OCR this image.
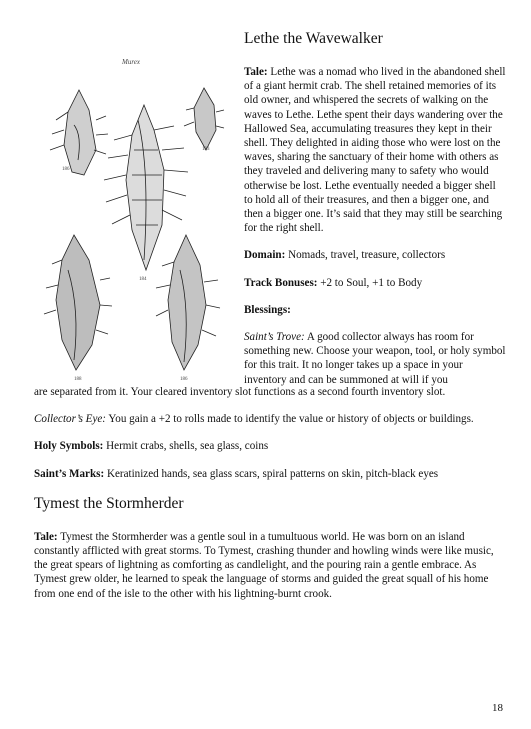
Murex
186
183
184
188	186
Lethe the Wavewalker

Tale: Lethe was a nomad who lived in the abandoned shell of a giant hermit crab. The shell retained memories of its old owner, and whispered the secrets of walking on the waves to Lethe. Lethe spent their days wandering over the Hallowed Sea, accumulating treasures they kept in their shell. They delighted in aiding those who were lost on the waves, sharing the sanctuary of their home with others as they traveled and delivering many to safety who would otherwise be lost. Lethe eventually needed a bigger shell to hold all of their treasures, and then a bigger one, and then a bigger one. It’s said that they may still be searching for the right shell.

Domain: Nomads, travel, treasure, collectors

Track Bonuses: +2 to Soul, +1 to Body

Blessings:

Saint’s Trove: A good collector always has room for something new. Choose your weapon, tool, or holy symbol for this trait. It no longer takes up a space in your inventory and can be summoned at will if you

are separated from it. Your cleared inventory slot functions as a second fourth inventory slot.

Collector’s Eye: You gain a +2 to rolls made to identify the value or history of objects or buildings.

Holy Symbols: Hermit crabs, shells, sea glass, coins

Saint’s Marks: Keratinized hands, sea glass scars, spiral patterns on skin, pitch-black eyes

Tymest the Stormherder

Tale: Tymest the Stormherder was a gentle soul in a tumultuous world. He was born on an island constantly afflicted with great storms. To Tymest, crashing thunder and howling winds were like music, the great spears of lightning as comforting as candlelight, and the pouring rain a gentle embrace. As Tymest grew older, he learned to speak the language of storms and guided the great squall of his home from one end of the isle to the other with his lightning-burnt crook.

18
